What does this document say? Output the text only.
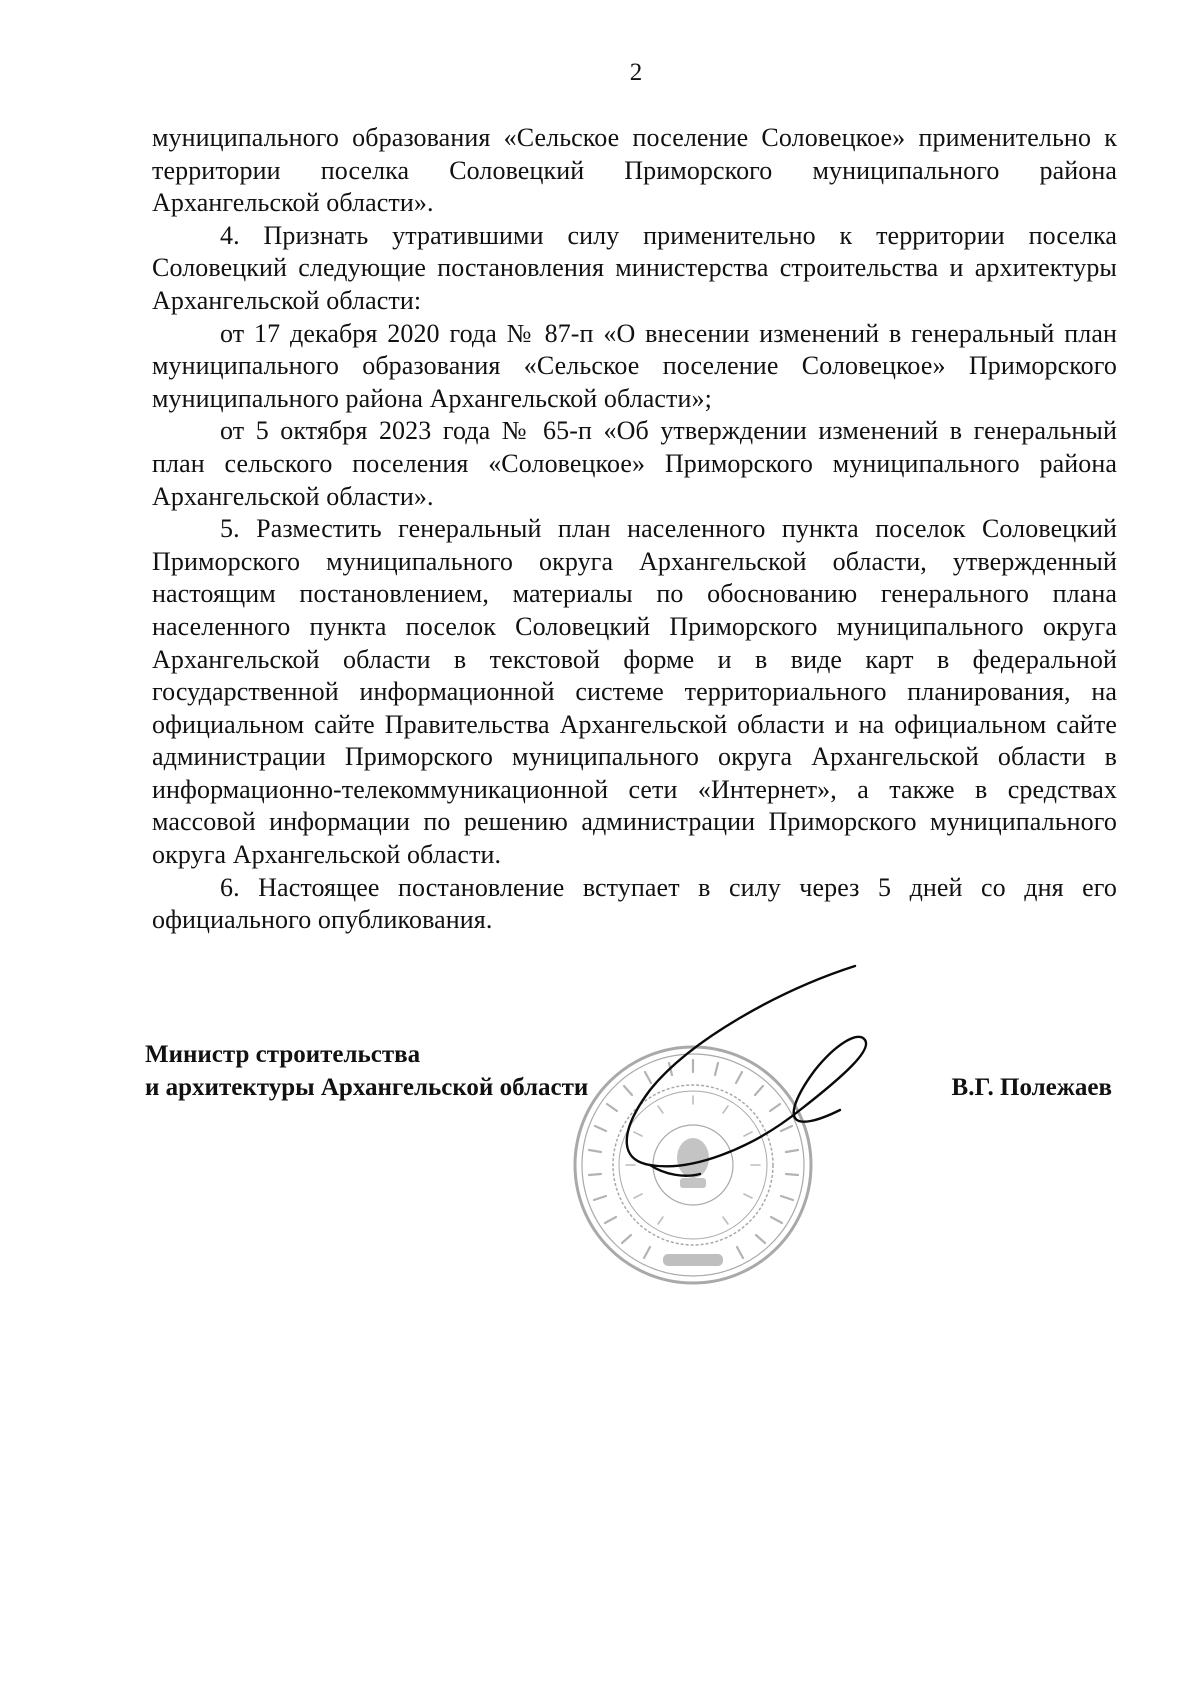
2

муниципального образования «Сельское поселение Соловецкое» применительно к территории поселка Соловецкий Приморского муниципального района Архангельской области».

4. Признать утратившими силу применительно к территории поселка Соловецкий следующие постановления министерства строительства и архитектуры Архангельской области:

от 17 декабря 2020 года № 87-п «О внесении изменений в генеральный план муниципального образования «Сельское поселение Соловецкое» Приморского муниципального района Архангельской области»;

от 5 октября 2023 года № 65-п «Об утверждении изменений в генеральный план сельского поселения «Соловецкое» Приморского муниципального района Архангельской области».

5. Разместить генеральный план населенного пункта поселок Соловецкий Приморского муниципального округа Архангельской области, утвержденный настоящим постановлением, материалы по обоснованию генерального плана населенного пункта поселок Соловецкий Приморского муниципального округа Архангельской области в текстовой форме и в виде карт в федеральной государственной информационной системе территориального планирования, на официальном сайте Правительства Архангельской области и на официальном сайте администрации Приморского муниципального округа Архангельской области в информационно-телекоммуникационной сети «Интернет», а также в средствах массовой информации по решению администрации Приморского муниципального округа Архангельской области.

6. Настоящее постановление вступает в силу через 5 дней со дня его официального опубликования.

Министр строительства
и архитектуры Архангельской области	В.Г. Полежаев
